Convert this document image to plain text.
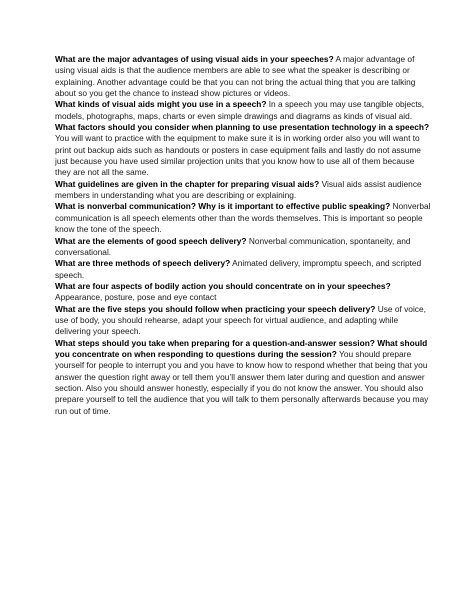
What are the major advantages of using visual aids in your speeches? A major advantage of using visual aids is that the audience members are able to see what the speaker is describing or explaining. Another advantage could be that you can not bring the actual thing that you are talking about so you get the chance to instead show pictures or videos.

What kinds of visual aids might you use in a speech? In a speech you may use tangible objects, models, photographs, maps, charts or even simple drawings and diagrams as kinds of visual aid.

What factors should you consider when planning to use presentation technology in a speech? You will want to practice with the equipment to make sure it is in working order also you will want to print out backup aids such as handouts or posters in case equipment fails and lastly do not assume just because you have used similar projection units that you know how to use all of them because they are not all the same.

What guidelines are given in the chapter for preparing visual aids? Visual aids assist audience members in understanding what you are describing or explaining.

What is nonverbal communication? Why is it important to effective public speaking? Nonverbal communication is all speech elements other than the words themselves. This is important so people know the tone of the speech.

What are the elements of good speech delivery? Nonverbal communication, spontaneity, and conversational.

What are three methods of speech delivery? Animated delivery, impromptu speech, and scripted speech.

What are four aspects of bodily action you should concentrate on in your speeches? Appearance, posture, pose and eye contact

What are the five steps you should follow when practicing your speech delivery? Use of voice, use of body, you should rehearse, adapt your speech for virtual audience, and adapting while delivering your speech.

What steps should you take when preparing for a question-and-answer session? What should you concentrate on when responding to questions during the session? You should prepare yourself for people to interrupt you and you have to know how to respond whether that being that you answer the question right away or tell them you’ll answer them later during and question and answer section. Also you should answer honestly, especially if you do not know the answer. You should also prepare yourself to tell the audience that you will talk to them personally afterwards because you may run out of time.
